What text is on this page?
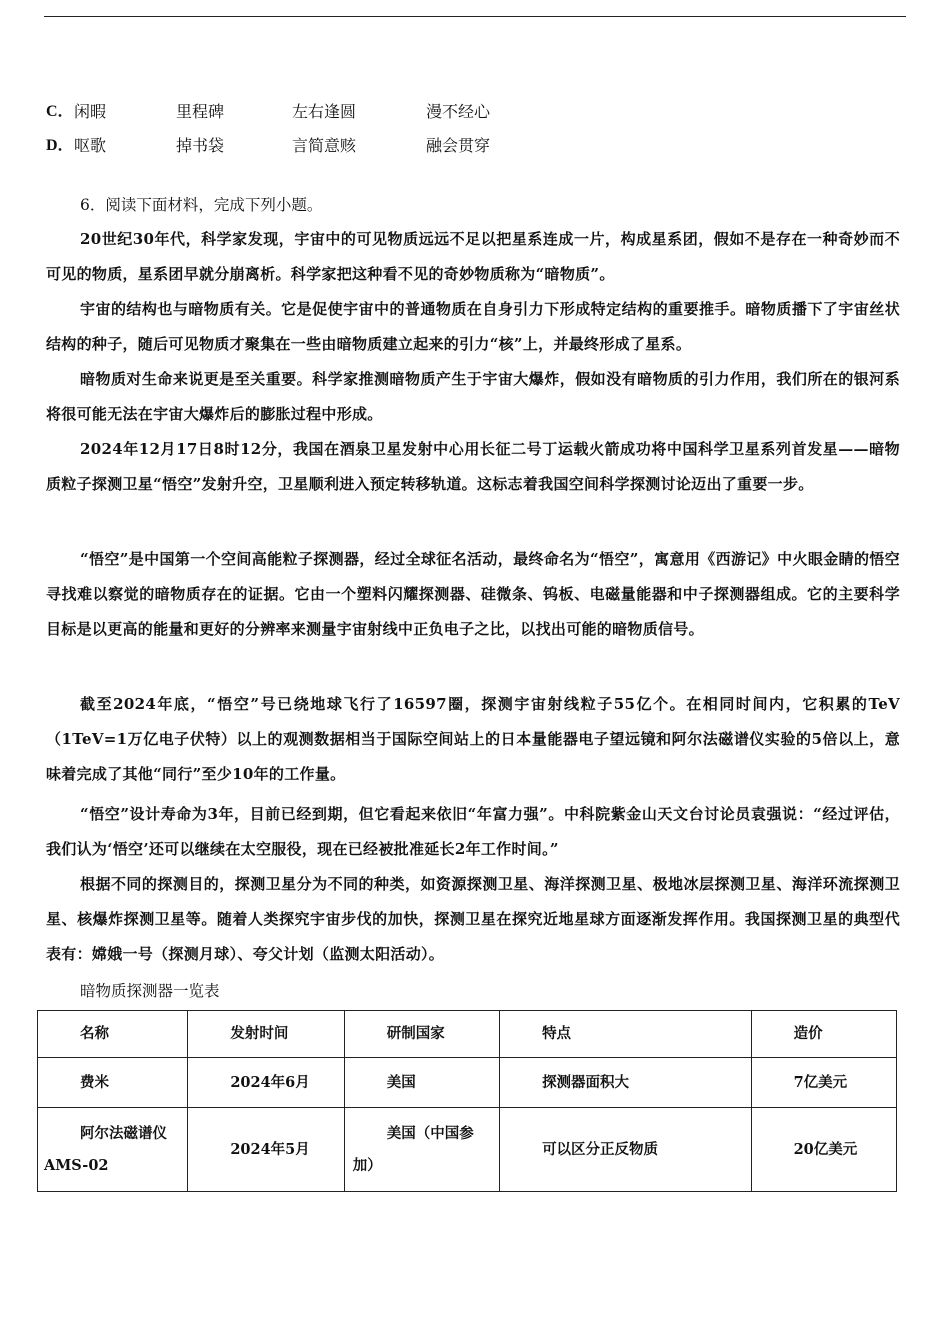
C． 闲暇	里程碑	左右逢圆	漫不经心
D． 呕歌	掉书袋	言简意赅	融会贯穿
6．阅读下面材料，完成下列小题。
20世纪30年代，科学家发现，宇宙中的可见物质远远不足以把星系连成一片，构成星系团，假如不是存在一种奇妙而不可见的物质，星系团早就分崩离析。科学家把这种看不见的奇妙物质称为“暗物质”。
宇宙的结构也与暗物质有关。它是促使宇宙中的普通物质在自身引力下形成特定结构的重要推手。暗物质播下了宇宙丝状结构的种子，随后可见物质才聚集在一些由暗物质建立起来的引力“核”上，并最终形成了星系。
暗物质对生命来说更是至关重要。科学家推测暗物质产生于宇宙大爆炸，假如没有暗物质的引力作用，我们所在的银河系将很可能无法在宇宙大爆炸后的膨胀过程中形成。
2024年12月17日8时12分，我国在酒泉卫星发射中心用长征二号丁运载火箭成功将中国科学卫星系列首发星——暗物质粒子探测卫星“悟空”发射升空，卫星顺利进入预定转移轨道。这标志着我国空间科学探测讨论迈出了重要一步。
“悟空”是中国第一个空间高能粒子探测器，经过全球征名活动，最终命名为“悟空”，寓意用《西游记》中火眼金睛的悟空寻找难以察觉的暗物质存在的证据。它由一个塑料闪耀探测器、硅微条、钨板、电磁量能器和中子探测器组成。它的主要科学目标是以更高的能量和更好的分辨率来测量宇宙射线中正负电子之比，以找出可能的暗物质信号。
截至2024年底，“悟空”号已绕地球飞行了16597圈，探测宇宙射线粒子55亿个。在相同时间内，它积累的TeV（1TeV=1万亿电子伏特）以上的观测数据相当于国际空间站上的日本量能器电子望远镜和阿尔法磁谱仪实验的5倍以上，意味着完成了其他“同行”至少10年的工作量。
“悟空”设计寿命为3年，目前已经到期，但它看起来依旧“年富力强”。中科院紫金山天文台讨论员袁强说：“经过评估，我们认为‘悟空’还可以继续在太空服役，现在已经被批准延长2年工作时间。”
根据不同的探测目的，探测卫星分为不同的种类，如资源探测卫星、海洋探测卫星、极地冰层探测卫星、海洋环流探测卫星、核爆炸探测卫星等。随着人类探究宇宙步伐的加快，探测卫星在探究近地星球方面逐渐发挥作用。我国探测卫星的典型代表有：嫦娥一号（探测月球）、夸父计划（监测太阳活动）。
暗物质探测器一览表
名称	发射时间	研制国家	特点	造价

费米	2024年6月	美国	探测器面积大	7亿美元

阿尔法磁谱仪AMS-02	2024年5月	美国（中国参加）	可以区分正反物质	20亿美元
